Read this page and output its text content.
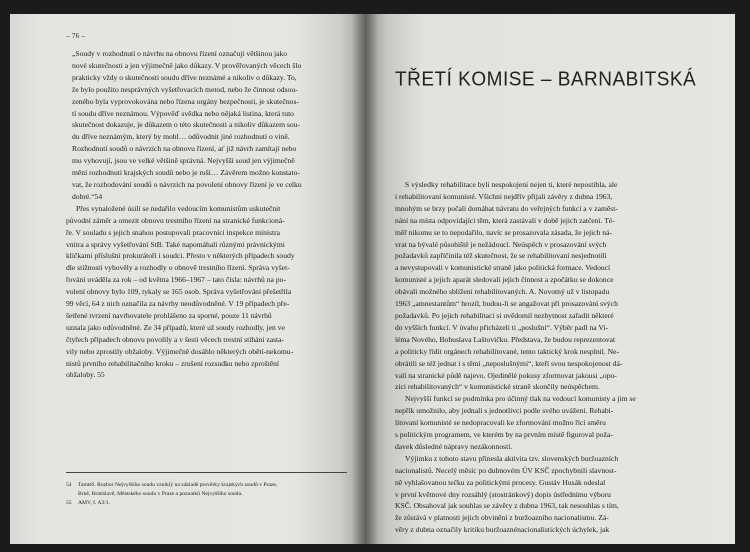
– 76 –

„Soudy v rozhodnutí o návrhu na obnovu řízení označují většinou jako

nové skutečnosti a jen výjimečně jako důkazy. V prověřovaných věcech šlo

prakticky vždy o skutečnosti soudu dříve neznámé a nikoliv o důkazy. To,

že bylo použito nesprávných vyšetřovacích metod, nebo že činnost odsou-

zeného byla vyprovokována nebo řízena orgány bezpečnosti, je skutečnos-

tí soudu dříve neznámou. Výpověď svědka nebo nějaká listina, která tuto

skutečnost dokazuje, je důkazem o této skutečnosti a nikoliv důkazem sou-

du dříve neznámým, který by mohl… odůvodnit jiné rozhodnutí o vině.

Rozhodnutí soudů o návrzích na obnovu řízení, ať již návrh zamítají nebo

mu vyhovují, jsou ve velké většině správná. Nejvyšší soud jen výjimečně

mění rozhodnutí krajských soudů nebo je ruší… Závěrem možno konstato-

vat, že rozhodování soudů o návrzích na povolení obnovy řízení je ve celku

dobré.“54

Přes vynaložené úsilí se nedařilo vedoucím komunistům uskutečnit

původní záměr a omezit obnovu trestního řízení na stranické funkcioná-

ře. V souladu s jejich snahou postupovali pracovníci inspekce ministra

vnitra a správy vyšetřování StB. Také napomáhali různými právnickými

kličkami příslušní prokurátoři i soudci. Přesto v některých případech soudy

dle stížnosti vyhověly a rozhodly o obnově trestního řízení. Správa vyšet-

řování uváděla za rok – od května 1966–1967 – tato čísla: návrhů na po-

volení obnovy bylo 109, tykaly se 165 osob. Správa vyšetřování přešetřila

99 věcí, 64 z nich označila za návrhy neodůvodněné. V 19 případech pře-

šetřené tvrzení navrhovatele prohlášeno za sporné, pouze 11 návrhů

uznala jako odůvodněné. Ze 34 případů, které už soudy rozhodly, jen ve

čtyřech případech obnovu povolily a v šesti věcech trestní stíhání zasta-

vily nebo zprostily obžaloby. Výjimečně dosáhlo některých obětí-nekomu-

nistů prvního rehabilitačního kroku – zrušení rozsudku nebo zproštění

obžaloby. 55

54	Tamtéž. Rozbor Nejvyššího soudu vzniklý na základě prověrky krajských soudů v Praze,
Brně, Bratislavě, Městského soudu v Praze a poznatků Nejvyššího soudu.
55	AMV, f. A3/1.
TŘETÍ KOMISE – BARNABITSKÁ

S výsledky rehabilitace byli nespokojeni nejen ti, které nepostihla, ale

i rehabilitovaní komunisté. Všichni nejdřív přijali závěry z dubna 1963,

mnohým se brzy počali domáhat návratu do veřejných funkcí a v zaměst-

nání na místa odpovídající těm, která zastávali v době jejich zatčení. Té-

měř nikomu se to nepodařilo, navíc se prosazovala zásada, že jejich ná-

vrat na bývalé působiště je nežádoucí. Neúspěch v prosazování svých

požadavků zapříčinila též skutečnost, že se rehabilitovaní nesjednotili

a nevystupovali v komunistické straně jako politická formace. Vedoucí

komunisté a jejich aparát sledovali jejich činnost a zpočátku se dokonce

obávali možného sblížení rehabilitovaných. A. Novotný už v listopadu

1963 „amnestantům“ hrozil, budou-li se angažovat při prosazování svých

požadavků. Po jejich rehabilitaci si uvědomil nezbytnost zařadit některé

do vyšších funkcí. V úvahu přicházeli ti „poslušní“. Výběr padl na Vi-

léma Nového, Bohuslava Laštovičku. Představa, že budou reprezentovat

a politicky řídit orgánech rehabilitované, tento taktický krok nesplnil. Ne-

obrátili se též jednat i s těmi „neposlušnými“, kteří svou nespokojenost dá-

vali na stranické půdě najevo. Ojedinělé pokusy zformovat jakousi „opo-

zici rehabilitovaných“ v komunistické straně skončily neúspěchem.

Nejvyšší funkcí se podmínka pro účinný tlak na vedoucí komunisty a jim se

nepřík umožnilo, aby jednali s jednotlivci podle svého uvážení. Rehabi-

litovaní komunisté se nedopracovali ke zformování možno řící směru

s politickým programem, ve kterém by na prvním místě figuroval poža-

davek důsledné nápravy nezákonností.

Výjimku z tohoto stavu přinesla aktivita tzv. slovenských buržoazních

nacionalistů. Necelý měsíc po dubnovém ÚV KSČ zpochybnili slavnost-

ně vyhlašovanou tečku za politickými procesy. Gustáv Husák odeslal

v první květnové dny rozsáhlý (stostránkový) dopis ústřednímu výboru

KSČ. Obsahoval jak souhlas se závěry z dubna 1963, tak nesouhlas s tím,

že zůstává v platnosti jejich obvinění z buržoazního nacionalismu. Zá-

věry z dubna označily kritiku buržoaznénacionalistických úchylek, jak
